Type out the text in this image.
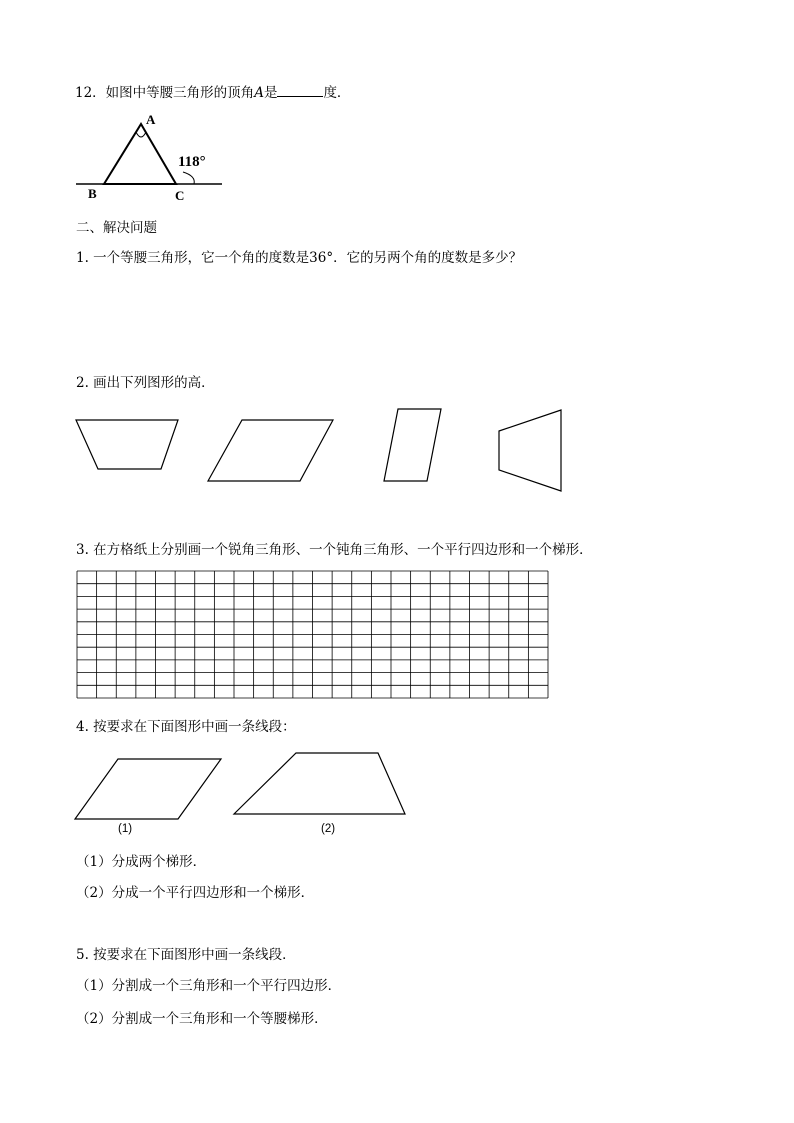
12．如图中等腰三角形的顶角A是	度．
A
B	C
118°
(1)	(2)
二、解决问题
1. 一个等腰三角形，它一个角的度数是36°．它的另两个角的度数是多少？
2. 画出下列图形的高．
3. 在方格纸上分别画一个锐角三角形、一个钝角三角形、一个平行四边形和一个梯形．
4. 按要求在下面图形中画一条线段：
（1）分成两个梯形．
（2）分成一个平行四边形和一个梯形．
5. 按要求在下面图形中画一条线段．
（1）分割成一个三角形和一个平行四边形．
（2）分割成一个三角形和一个等腰梯形．
